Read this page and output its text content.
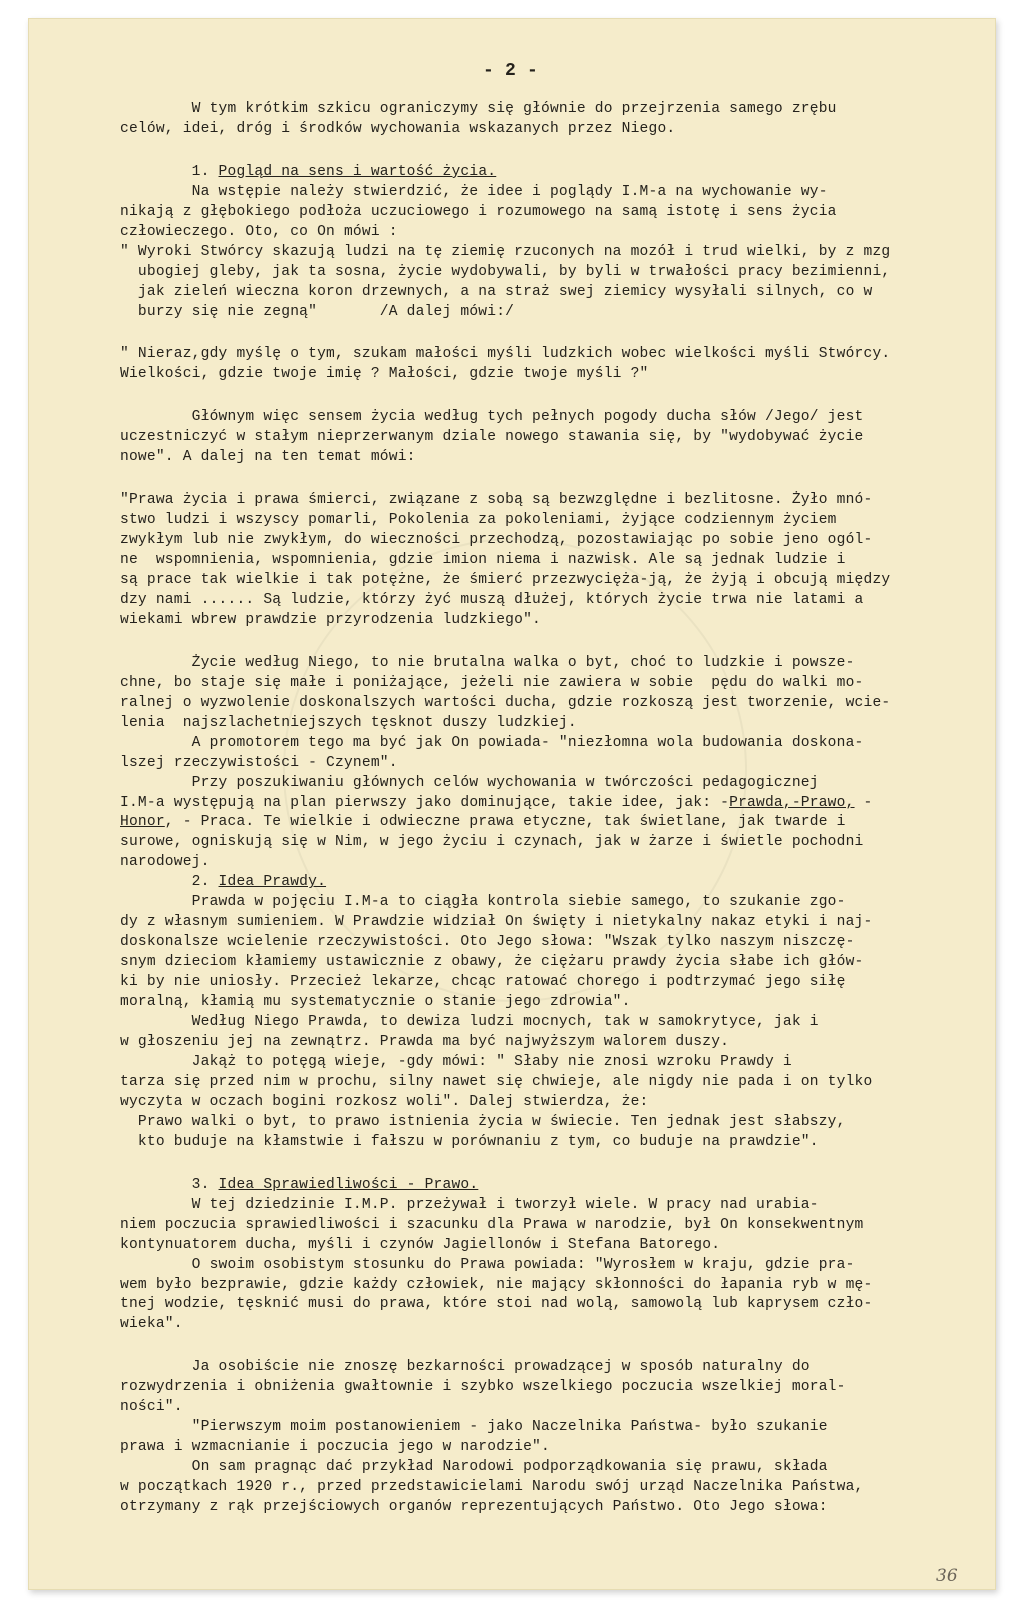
- 2 -
W tym krótkim szkicu ograniczymy się głównie do przejrzenia samego zrębu
celów, idei, dróg i środków wychowania wskazanych przez Niego.
1. Pogląd na sens i wartość życia.
Na wstępie należy stwierdzić, że idee i poglądy I.M-a na wychowanie wy-
nikają z głębokiego podłoża uczuciowego i rozumowego na samą istotę i sens życia
człowieczego. Oto, co On mówi :
" Wyroki Stwórcy skazują ludzi na tę ziemię rzuconych na mozół i trud wielki, by z mzg
ubogiej gleby, jak ta sosna, życie wydobywali, by byli w trwałości pracy bezimienni,
jak zieleń wieczna koron drzewnych, a na straż swej ziemicy wysyłali silnych, co w
burzy się nie zegną"       /A dalej mówi:/
" Nieraz,gdy myślę o tym, szukam małości myśli ludzkich wobec wielkości myśli Stwórcy.
Wielkości, gdzie twoje imię ? Małości, gdzie twoje myśli ?"
Głównym więc sensem życia według tych pełnych pogody ducha słów /Jego/ jest
uczestniczyć w stałym nieprzerwanym dziale nowego stawania się, by "wydobywać życie
nowe". A dalej na ten temat mówi:
"Prawa życia i prawa śmierci, związane z sobą są bezwzględne i bezlitosne. Żyło mnó-
stwo ludzi i wszyscy pomarli, Pokolenia za pokoleniami, żyjące codziennym życiem
zwykłym lub nie zwykłym, do wieczności przechodzą, pozostawiając po sobie jeno ogól-
ne  wspomnienia, wspomnienia, gdzie imion niema i nazwisk. Ale są jednak ludzie i
są prace tak wielkie i tak potężne, że śmierć przezwycięża-ją, że żyją i obcują międzу
dzy nami ...... Są ludzie, którzy żyć muszą dłużej, których życie trwa nie latami a
wiekami wbrew prawdzie przyrodzenia ludzkiego".
Życie według Niego, to nie brutalna walka o byt, choć to ludzkie i powsze-
chne, bo staje się małe i poniżające, jeżeli nie zawiera w sobie  pędu do walki mo-
ralnej o wyzwolenie doskonalszych wartości ducha, gdzie rozkoszą jest tworzenie, wcie-
lenia  najszlachetniejszych tęsknot duszy ludzkiej.
A promotorem tego ma być jak On powiada- "niezłomna wola budowania doskona-
lszej rzeczywistości - Czynem".
Przy poszukiwaniu głównych celów wychowania w twórczości pedagogicznej
I.M-a występują na plan pierwszy jako dominujące, takie idee, jak: -Prawda,-Prawo, -
Honor, - Praca. Te wielkie i odwieczne prawa etyczne, tak świetlane, jak twarde i
surowe, ogniskują się w Nim, w jego życiu i czynach, jak w żarze i świetle pochodni
narodowej.
2. Idea Prawdy.
Prawda w pojęciu I.M-a to ciągła kontrola siebie samego, to szukanie zgo-
dy z własnym sumieniem. W Prawdzie widział On święty i nietykalny nakaz etyki i naj-
doskonalsze wcielenie rzeczywistości. Oto Jego słowa: "Wszak tylko naszym niszczę-
snym dzieciom kłamiemy ustawicznie z obawy, że ciężaru prawdy życia słabe ich głów-
ki by nie uniosły. Przecież lekarze, chcąc ratować chorego i podtrzymać jego siłę
moralną, kłamią mu systematycznie o stanie jego zdrowia".
Według Niego Prawda, to dewiza ludzi mocnych, tak w samokrytyce, jak i
w głoszeniu jej na zewnątrz. Prawda ma być najwyższym walorem duszy.
Jakąż to potęgą wieje, -gdy mówi: " Słaby nie znosi wzroku Prawdy i
tarza się przed nim w prochu, silny nawet się chwieje, ale nigdy nie pada i on tylko
wyczyta w oczach bogini rozkosz woli". Dalej stwierdza, że:
Prawo walki o byt, to prawo istnienia życia w świecie. Ten jednak jest słabszy,
kto buduje na kłamstwie i fałszu w porównaniu z tym, co buduje na prawdzie".
3. Idea Sprawiedliwości - Prawo.
W tej dziedzinie I.M.P. przeżywał i tworzył wiele. W pracy nad urabia-
niem poczucia sprawiedliwości i szacunku dla Prawa w narodzie, był On konsekwentnym
kontynuatorem ducha, myśli i czynów Jagiellonów i Stefana Batorego.
O swoim osobistym stosunku do Prawa powiada: "Wyrosłem w kraju, gdzie pra-
wem było bezprawie, gdzie każdy człowiek, nie mający skłonności do łapania ryb w mę-
tnej wodzie, tęsknić musi do prawa, które stoi nad wolą, samowolą lub kaprysem czło-
wieka".
Ja osobiście nie znoszę bezkarności prowadzącej w sposób naturalny do
rozwydrzenia i obniżenia gwałtownie i szybko wszelkiego poczucia wszelkiej moral-
ności".
"Pierwszym moim postanowieniem - jako Naczelnika Państwa- było szukanie
prawa i wzmacnianie i poczucia jego w narodzie".
On sam pragnąc dać przykład Narodowi podporządkowania się prawu, składa
w początkach 1920 r., przed przedstawicielami Narodu swój urząd Naczelnika Państwa,
otrzymany z rąk przejściowych organów reprezentujących Państwo. Oto Jego słowa:
36
